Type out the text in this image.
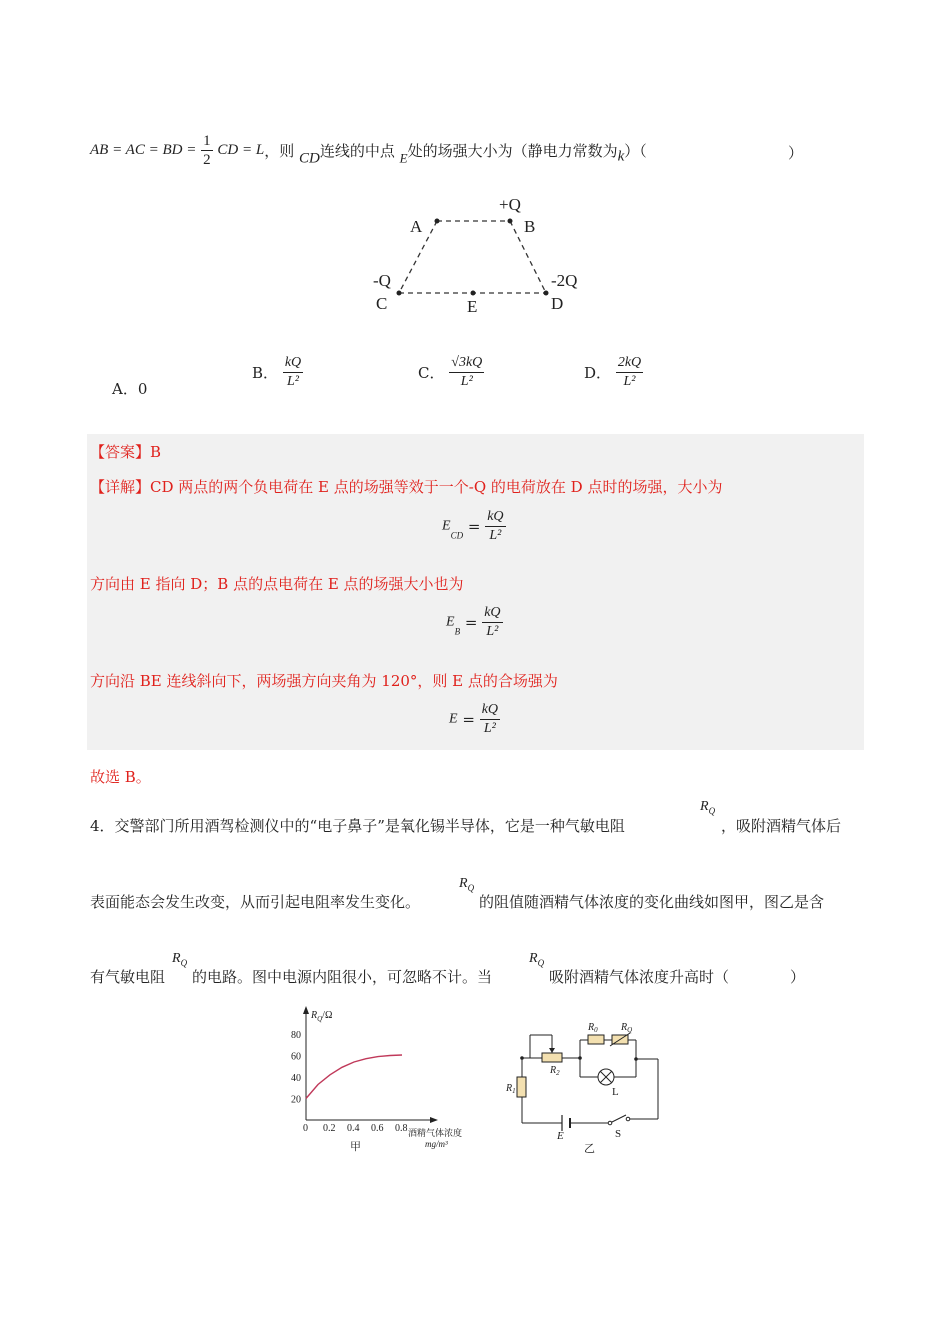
AB = AC = BD = $\frac{1}{2}$ CD = L，则 CD连线的中点 E处的场强大小为（静电力常数为k）（	）
A	B
+Q
-Q
C	E
-2Q
D
A．0
B． $\frac{kQ}{\text{L²}}$	C． $\frac{√3kQ}{\text{L²}}$	D． $\frac{2kQ}{\text{L²}}$
【答案】B
【详解】CD 两点的两个负电荷在 E 点的场强等效于一个-Q 的电荷放在 D 点时的场强，大小为
$E_{CD} = \frac{kQ}{\text{L²}}$
方向由 E 指向 D；B 点的点电荷在 E 点的场强大小也为
$E_B = \frac{kQ}{\text{L²}}$
方向沿 BE 连线斜向下，两场强方向夹角为 120°，则 E 点的合场强为
$E = \frac{kQ}{\text{L²}}$
故选 B。
4．交警部门所用酒驾检测仪中的“电子鼻子”是氧化锡半导体，它是一种气敏电阻
$R_Q$
，吸附酒精气体后
表面能态会发生改变，从而引起电阻率发生变化。
$R_Q$
的阻值随酒精气体浓度的变化曲线如图甲，图乙是含
有气敏电阻
$R_Q$
的电路。图中电源内阻很小，可忽略不计。当
$R_Q$
吸附酒精气体浓度升高时（	）
$R_Q/\Omega$
酒精气体浓度
mg/m³
甲
0 0.2 0.4 0.6 0.8
20
40
60
80
$R_0$ $R_Q$
$R_2$
$R_1$	L
E	S
乙
